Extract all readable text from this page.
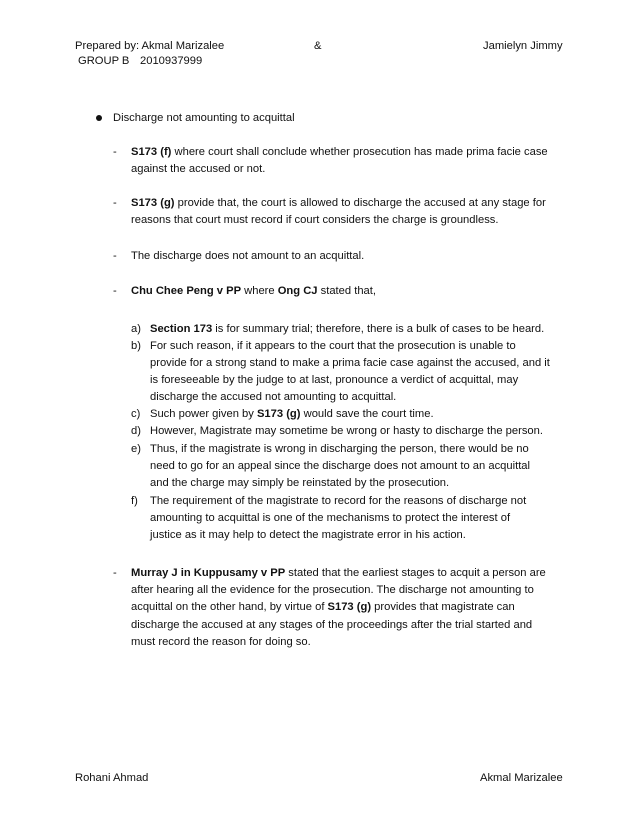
Prepared by: Akmal Marizalee	&	Jamielyn Jimmy
GROUP B 2010937999
Discharge not amounting to acquittal
- S173 (f) where court shall conclude whether prosecution has made prima facie case
against the accused or not.
- S173 (g) provide that, the court is allowed to discharge the accused at any stage for
reasons that court must record if court considers the charge is groundless.
- The discharge does not amount to an acquittal.
- Chu Chee Peng v PP where Ong CJ stated that,
a) Section 173 is for summary trial; therefore, there is a bulk of cases to be heard.
b) For such reason, if it appears to the court that the prosecution is unable to
provide for a strong stand to make a prima facie case against the accused, and it
is foreseeable by the judge to at last, pronounce a verdict of acquittal, may
discharge the accused not amounting to acquittal.
c) Such power given by S173 (g) would save the court time.
d) However, Magistrate may sometime be wrong or hasty to discharge the person.
e) Thus, if the magistrate is wrong in discharging the person, there would be no
need to go for an appeal since the discharge does not amount to an acquittal
and the charge may simply be reinstated by the prosecution.
f) The requirement of the magistrate to record for the reasons of discharge not
amounting to acquittal is one of the mechanisms to protect the interest of
justice as it may help to detect the magistrate error in his action.
- Murray J in Kuppusamy v PP stated that the earliest stages to acquit a person are
after hearing all the evidence for the prosecution. The discharge not amounting to
acquittal on the other hand, by virtue of S173 (g) provides that magistrate can
discharge the accused at any stages of the proceedings after the trial started and
must record the reason for doing so.
Rohani Ahmad	Akmal Marizalee
